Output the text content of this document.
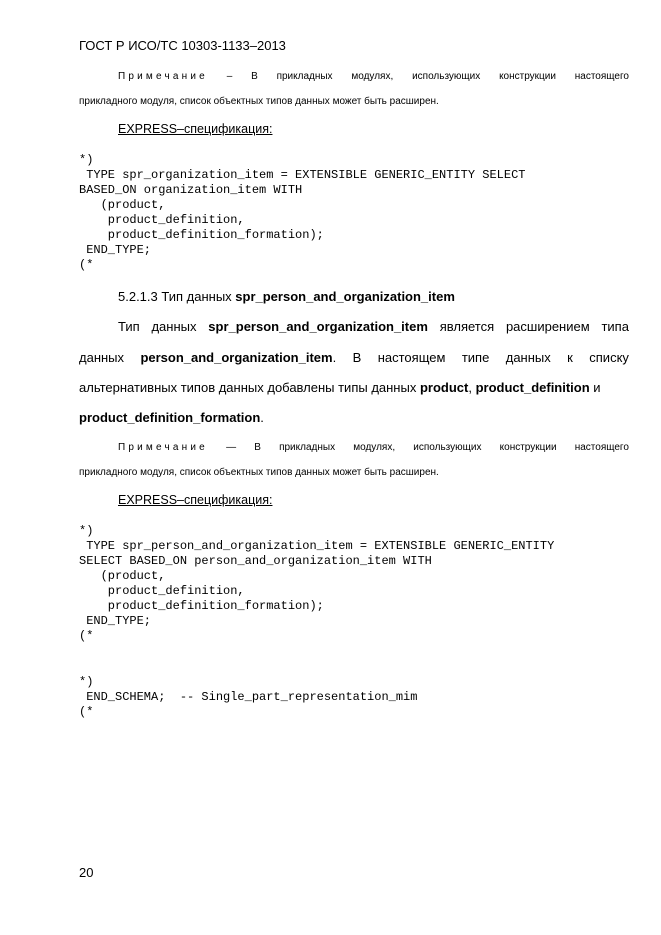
ГОСТ Р ИСО/ТС 10303-1133–2013
Примечание – В прикладных модулях, использующих конструкции настоящего
прикладного модуля, список объектных типов данных может быть расширен.
EXPRESS–спецификация:
*)
TYPE spr_organization_item = EXTENSIBLE GENERIC_ENTITY SELECT
BASED_ON organization_item WITH
(product,
product_definition,
product_definition_formation);
END_TYPE;
(*
5.2.1.3 Тип данных spr_person_and_organization_item
Тип данных spr_person_and_organization_item является расширением типа
данных person_and_organization_item. В настоящем типе данных к списку
альтернативных типов данных добавлены типы данных product, product_definition и
product_definition_formation.
Примечание — В прикладных модулях, использующих конструкции настоящего
прикладного модуля, список объектных типов данных может быть расширен.
EXPRESS–спецификация:
*)
TYPE spr_person_and_organization_item = EXTENSIBLE GENERIC_ENTITY
SELECT BASED_ON person_and_organization_item WITH
(product,
product_definition,
product_definition_formation);
END_TYPE;
(*
*)
END_SCHEMA;  -- Single_part_representation_mim
(*
20
